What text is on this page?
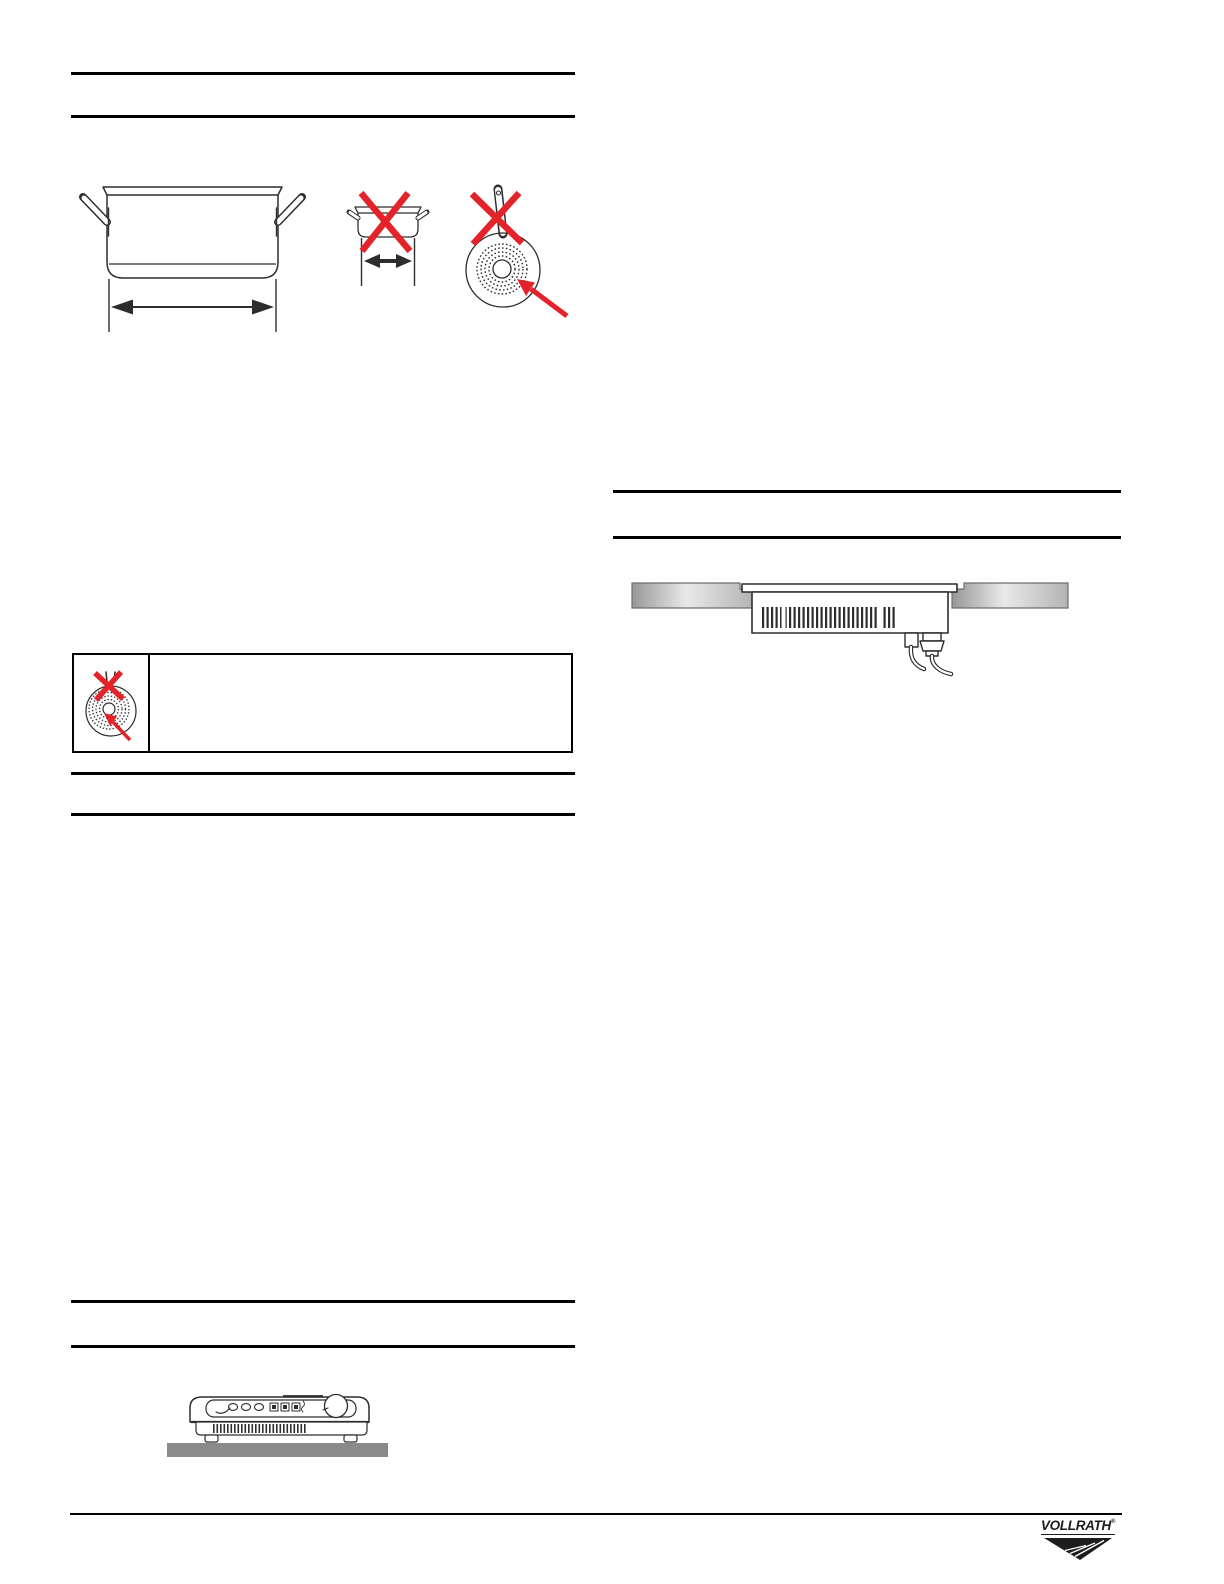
VOLLRATH®
